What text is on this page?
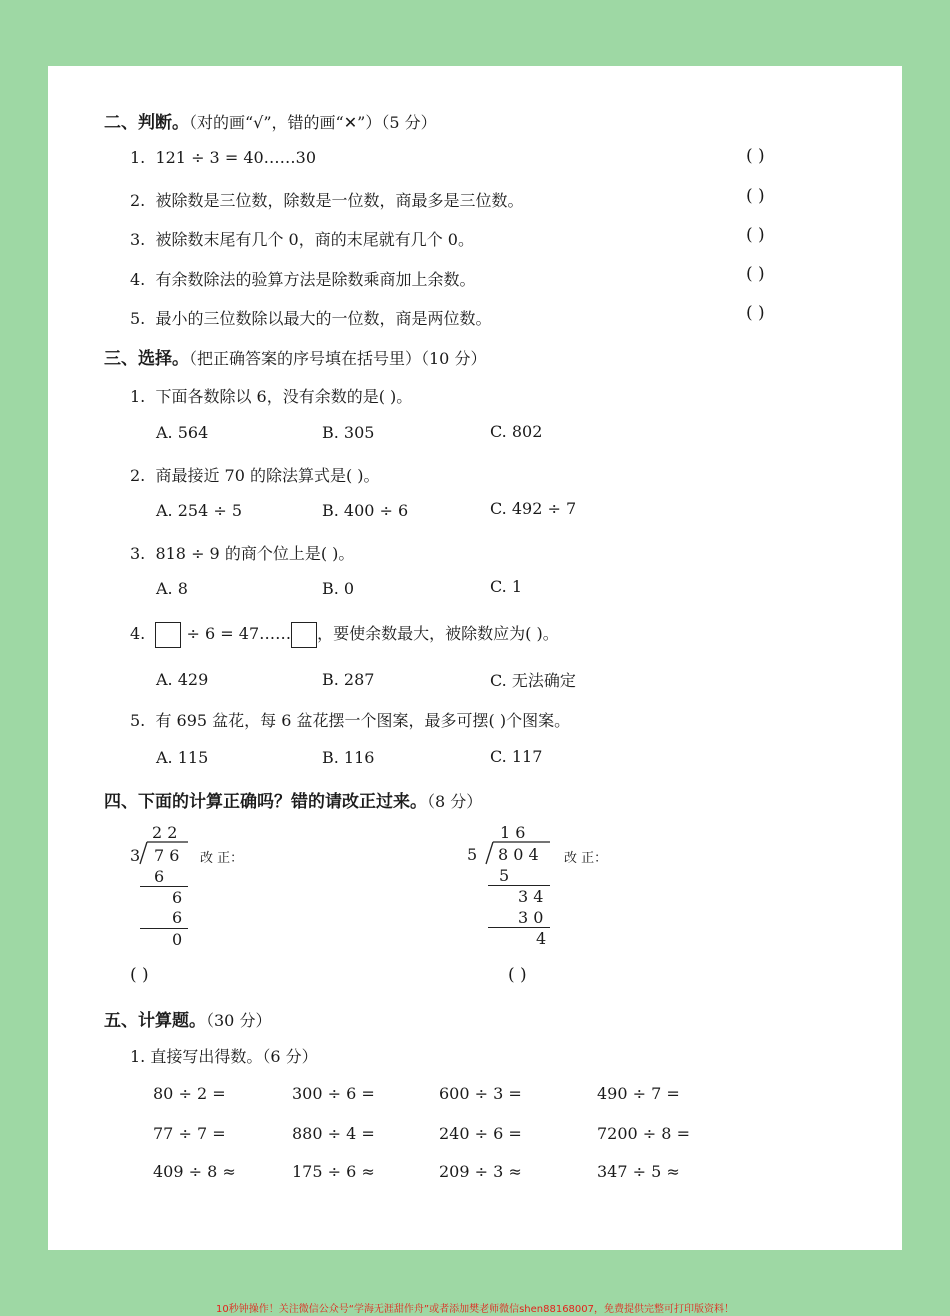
二、判断。（对的画“√”，错的画“✕”）（5 分）
1. 121 ÷ 3 = 40……30	( )
2. 被除数是三位数，除数是一位数，商最多是三位数。	( )
3. 被除数末尾有几个 0，商的末尾就有几个 0。	( )
4. 有余数除法的验算方法是除数乘商加上余数。	( )
5. 最小的三位数除以最大的一位数，商是两位数。	( )
三、选择。（把正确答案的序号填在括号里）（10 分）
1. 下面各数除以 6，没有余数的是( )。
A. 564	B. 305	C. 802
2. 商最接近 70 的除法算式是( )。
A. 254 ÷ 5	B. 400 ÷ 6	C. 492 ÷ 7
3. 818 ÷ 9 的商个位上是( )。
A. 8	B. 0	C. 1
4.	÷ 6 = 47…… ，要使余数最大，被除数应为( )。
A. 429	B. 287	C. 无法确定
5. 有 695 盆花，每 6 盆花摆一个图案，最多可摆( )个图案。
A. 115	B. 116	C. 117
四、下面的计算正确吗？错的请改正过来。（8 分）
2 2
3 7 6
6
6
6
0
改 正：
( )
1 6
5 8 0 4
5
3 4
3 0
4
改 正：
( )
五、计算题。（30 分）
1. 直接写出得数。（6 分）
80 ÷ 2 =	300 ÷ 6 =	600 ÷ 3 =	490 ÷ 7 =
77 ÷ 7 =	880 ÷ 4 =	240 ÷ 6 =	7200 ÷ 8 =
409 ÷ 8 ≈	175 ÷ 6 ≈	209 ÷ 3 ≈	347 ÷ 5 ≈
10秒钟操作！关注微信公众号“学海无涯甜作舟”或者添加樊老师微信shen88168007，免费提供完整可打印版资料！
